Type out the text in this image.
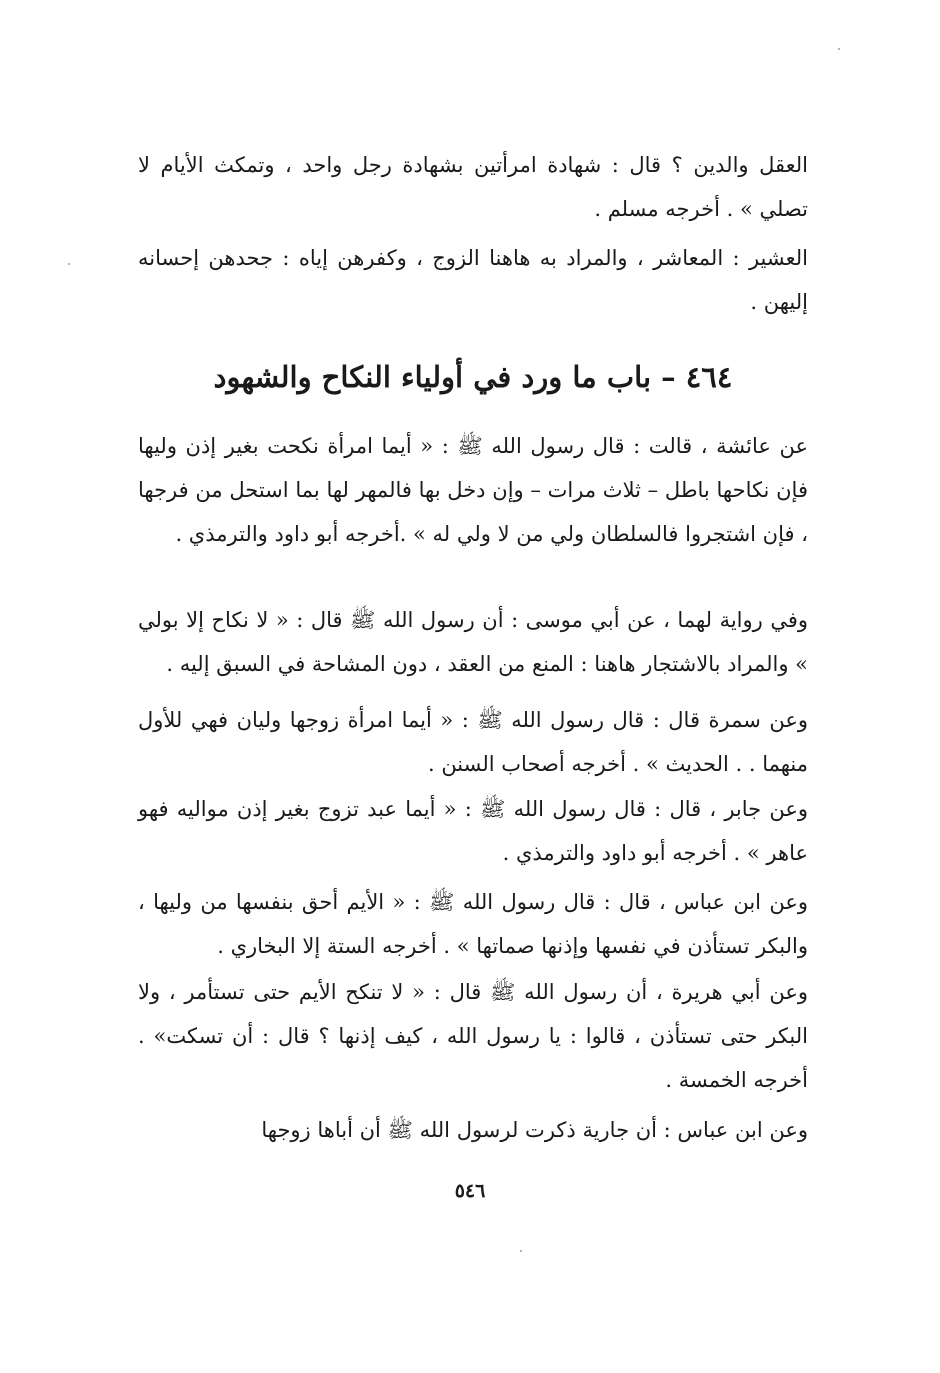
العقل والدين ؟ قال : شهادة امرأتين بشهادة رجل واحد ، وتمكث الأيام لا تصلي » . أخرجه مسلم .

العشير : المعاشر ، والمراد به هاهنا الزوج ، وكفرهن إياه : جحدهن إحسانه إليهن .

٤٦٤ – باب ما ورد في أولياء النكاح والشهود

عن عائشة ، قالت : قال رسول الله ﷺ : « أيما امرأة نكحت بغير إذن وليها فإن نكاحها باطل – ثلاث مرات – وإن دخل بها فالمهر لها بما استحل من فرجها ، فإن اشتجروا فالسلطان ولي من لا ولي له » .أخرجه أبو داود والترمذي .

وفي رواية لهما ، عن أبي موسى : أن رسول الله ﷺ قال : « لا نكاح إلا بولي » والمراد بالاشتجار هاهنا : المنع من العقد ، دون المشاحة في السبق إليه .

وعن سمرة قال : قال رسول الله ﷺ : « أيما امرأة زوجها وليان فهي للأول منهما . . الحديث » . أخرجه أصحاب السنن .

وعن جابر ، قال : قال رسول الله ﷺ : « أيما عبد تزوج بغير إذن مواليه فهو عاهر » . أخرجه أبو داود والترمذي .

وعن ابن عباس ، قال : قال رسول الله ﷺ : « الأيم أحق بنفسها من وليها ، والبكر تستأذن في نفسها وإذنها صماتها » . أخرجه الستة إلا البخاري .

وعن أبي هريرة ، أن رسول الله ﷺ قال : « لا تنكح الأيم حتى تستأمر ، ولا البكر حتى تستأذن ، قالوا : يا رسول الله ، كيف إذنها ؟ قال : أن تسكت» . أخرجه الخمسة .

وعن ابن عباس : أن جارية ذكرت لرسول الله ﷺ أن أباها زوجها

٥٤٦
